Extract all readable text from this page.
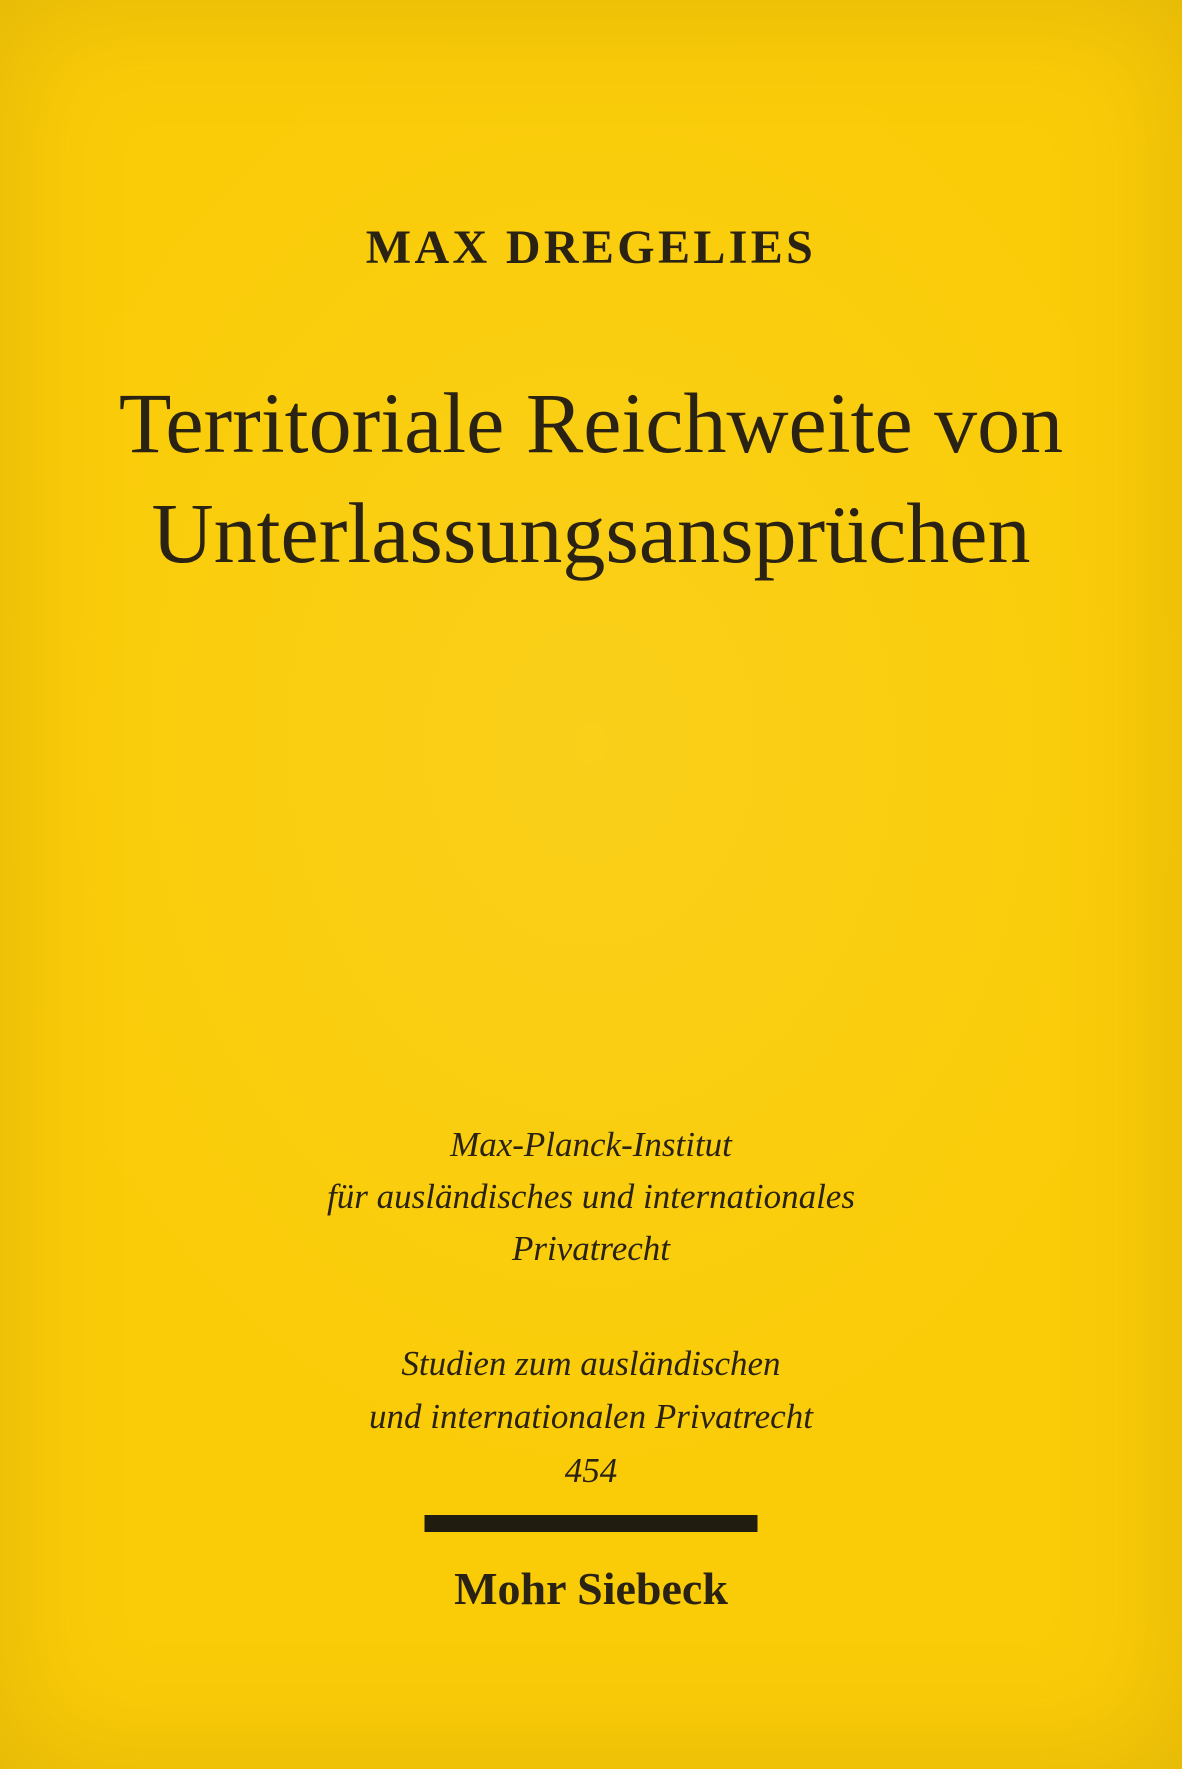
MAX DREGELIES
Territoriale Reichweite von
Unterlassungsansprüchen
Max-Planck-Institut
für ausländisches und internationales
Privatrecht
Studien zum ausländischen
und internationalen Privatrecht
454
Mohr Siebeck
